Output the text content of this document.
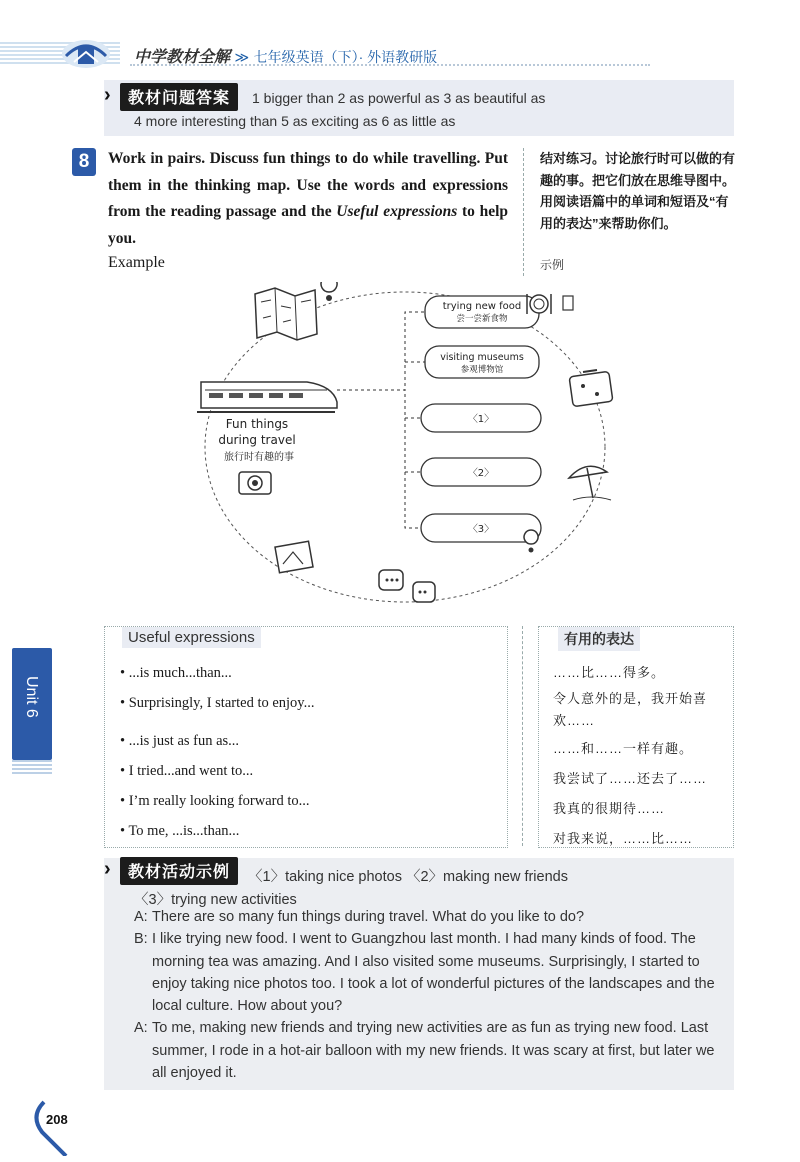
中学教材全解 ≫ 七年级英语（下）· 外语教研版
›	教材问题答案	1 bigger than 2 as powerful as 3 as beautiful as
4 more interesting than 5 as exciting as 6 as little as
8	Work in pairs. Discuss fun things to do while travelling. Put them in the thinking map. Use the words and expressions from the reading passage and the Useful expressions to help you.
Example
结对练习。讨论旅行时可以做的有趣的事。把它们放在思维导图中。用阅读语篇中的单词和短语及“有用的表达”来帮助你们。
示例
Fun things
during travel
旅行时有趣的事
trying new food
尝一尝新食物
visiting museums
参观博物馆
〈1〉
〈2〉
〈3〉
Useful expressions
• ...is much...than...
• Surprisingly, I started to enjoy...
• ...is just as fun as...
• I tried...and went to...
• I’m really looking forward to...
• To me, ...is...than...
有用的表达
……比……得多。
令人意外的是，我开始喜欢……
……和……一样有趣。
我尝试了……还去了……
我真的很期待……
对我来说，……比……
Unit 6
›	教材活动示例	〈1〉taking nice photos 〈2〉making new friends
〈3〉trying new activities
A: There are so many fun things during travel. What do you like to do?
B: I like trying new food. I went to Guangzhou last month. I had many kinds of food. The morning tea was amazing. And I also visited some museums. Surprisingly, I started to enjoy taking nice photos too. I took a lot of wonderful pictures of the landscapes and the local culture. How about you?
A: To me, making new friends and trying new activities are as fun as trying new food. Last summer, I rode in a hot-air balloon with my new friends. It was scary at first, but later we all enjoyed it.
208
